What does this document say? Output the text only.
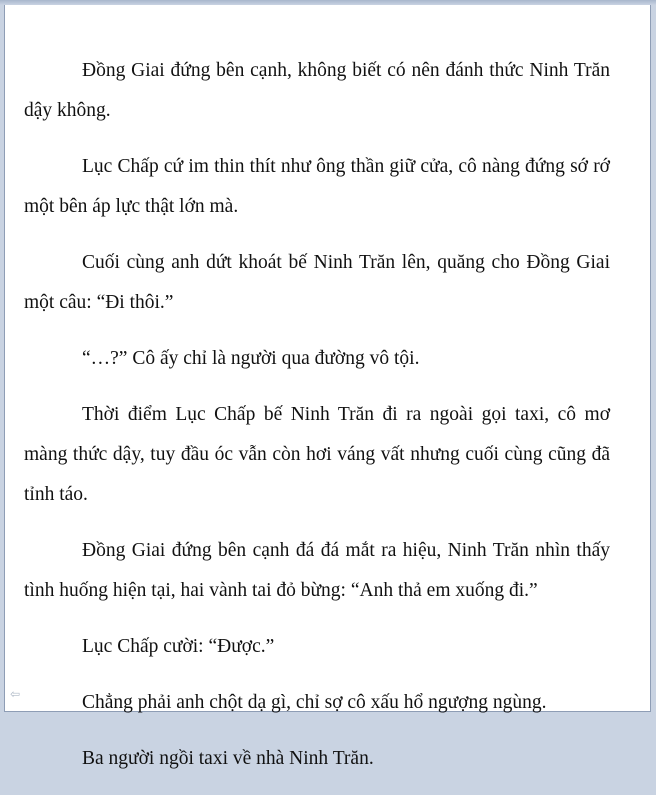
Đồng Giai đứng bên cạnh, không biết có nên đánh thức Ninh Trăn dậy không.

Lục Chấp cứ im thin thít như ông thần giữ cửa, cô nàng đứng sớ rớ một bên áp lực thật lớn mà.

Cuối cùng anh dứt khoát bế Ninh Trăn lên, quăng cho Đồng Giai một câu: “Đi thôi.”

“…?” Cô ấy chỉ là người qua đường vô tội.

Thời điểm Lục Chấp bế Ninh Trăn đi ra ngoài gọi taxi, cô mơ màng thức dậy, tuy đầu óc vẫn còn hơi váng vất nhưng cuối cùng cũng đã tỉnh táo.

Đồng Giai đứng bên cạnh đá đá mắt ra hiệu, Ninh Trăn nhìn thấy tình huống hiện tại, hai vành tai đỏ bừng: “Anh thả em xuống đi.”

Lục Chấp cười: “Được.”

Chẳng phải anh chột dạ gì, chỉ sợ cô xấu hổ ngượng ngùng.

Ba người ngồi taxi về nhà Ninh Trăn.

⇦
